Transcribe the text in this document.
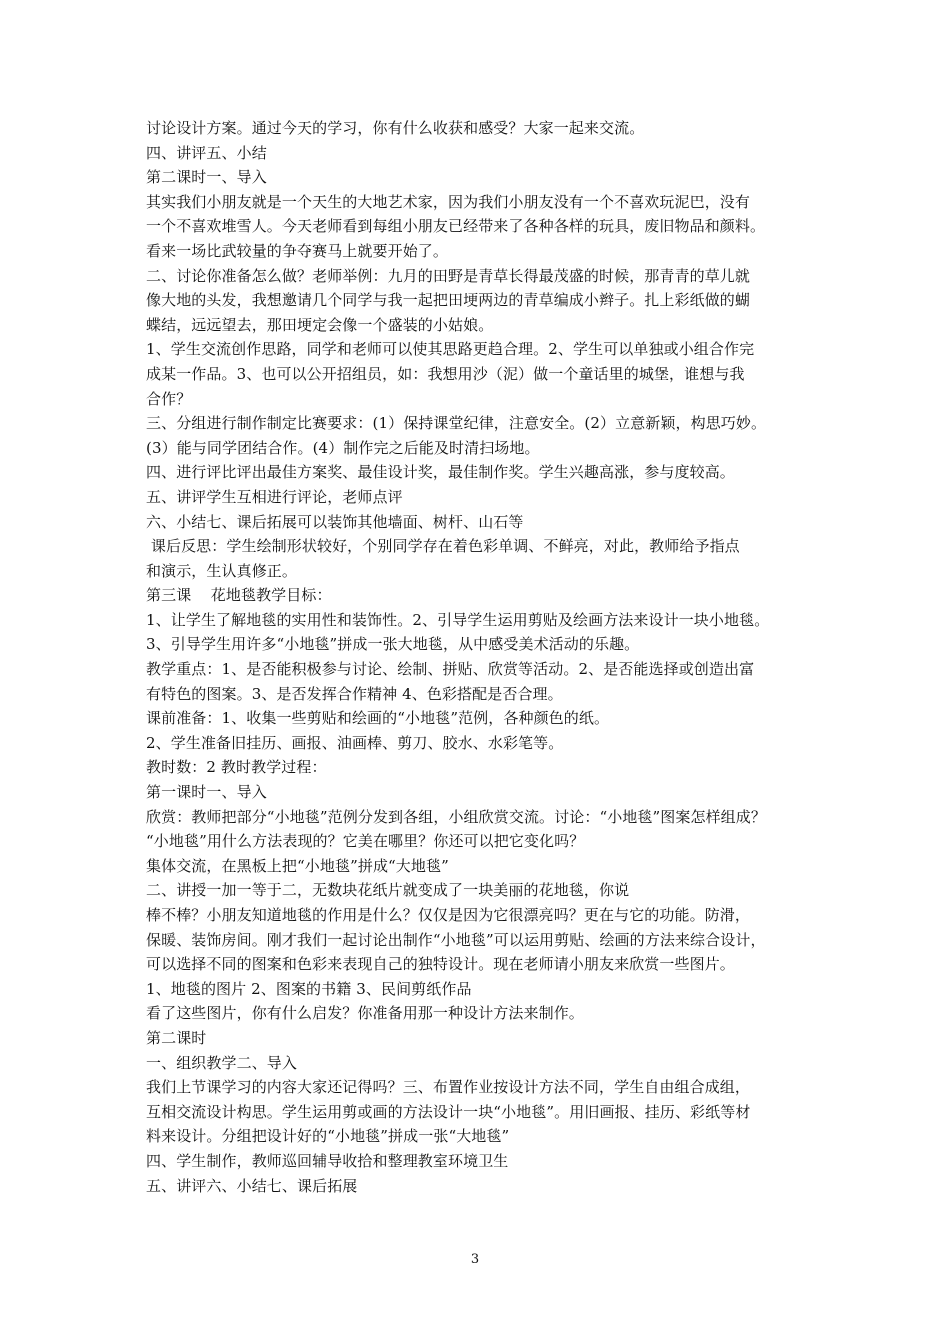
讨论设计方案。通过今天的学习，你有什么收获和感受？大家一起来交流。
四、讲评五、小结
第二课时一、导入
其实我们小朋友就是一个天生的大地艺术家，因为我们小朋友没有一个不喜欢玩泥巴，没有
一个不喜欢堆雪人。今天老师看到每组小朋友已经带来了各种各样的玩具，废旧物品和颜料。
看来一场比武较量的争夺赛马上就要开始了。
二、讨论你准备怎么做？老师举例：九月的田野是青草长得最茂盛的时候，那青青的草儿就
像大地的头发，我想邀请几个同学与我一起把田埂两边的青草编成小辫子。扎上彩纸做的蝴
蝶结，远远望去，那田埂定会像一个盛装的小姑娘。
1、学生交流创作思路，同学和老师可以使其思路更趋合理。2、学生可以单独或小组合作完
成某一作品。3、也可以公开招组员，如：我想用沙（泥）做一个童话里的城堡，谁想与我
合作？
三、分组进行制作制定比赛要求：(1）保持课堂纪律，注意安全。(2）立意新颖，构思巧妙。
(3）能与同学团结合作。(4）制作完之后能及时清扫场地。
四、进行评比评出最佳方案奖、最佳设计奖，最佳制作奖。学生兴趣高涨，参与度较高。
五、讲评学生互相进行评论，老师点评
六、小结七、课后拓展可以装饰其他墙面、树杆、山石等
课后反思：学生绘制形状较好，个别同学存在着色彩单调、不鲜亮，对此，教师给予指点
和演示，生认真修正。
第三课    花地毯教学目标：
1、让学生了解地毯的实用性和装饰性。2、引导学生运用剪贴及绘画方法来设计一块小地毯。
3、引导学生用许多“小地毯”拼成一张大地毯，从中感受美术活动的乐趣。
教学重点：1、是否能积极参与讨论、绘制、拼贴、欣赏等活动。2、是否能选择或创造出富
有特色的图案。3、是否发挥合作精神 4、色彩搭配是否合理。
课前准备：1、收集一些剪贴和绘画的“小地毯”范例，各种颜色的纸。
2、学生准备旧挂历、画报、油画棒、剪刀、胶水、水彩笔等。
教时数：2 教时教学过程：
第一课时一、导入
欣赏：教师把部分“小地毯”范例分发到各组，小组欣赏交流。讨论：“小地毯”图案怎样组成？
“小地毯”用什么方法表现的？它美在哪里？你还可以把它变化吗？
集体交流，在黑板上把“小地毯”拼成“大地毯”
二、讲授一加一等于二，无数块花纸片就变成了一块美丽的花地毯，你说
棒不棒？小朋友知道地毯的作用是什么？仅仅是因为它很漂亮吗？更在与它的功能。防滑，
保暖、装饰房间。刚才我们一起讨论出制作“小地毯”可以运用剪贴、绘画的方法来综合设计，
可以选择不同的图案和色彩来表现自己的独特设计。现在老师请小朋友来欣赏一些图片。
1、地毯的图片 2、图案的书籍 3、民间剪纸作品
看了这些图片，你有什么启发？你准备用那一种设计方法来制作。
第二课时
一、组织教学二、导入
我们上节课学习的内容大家还记得吗？三、布置作业按设计方法不同，学生自由组合成组，
互相交流设计构思。学生运用剪或画的方法设计一块“小地毯”。用旧画报、挂历、彩纸等材
料来设计。分组把设计好的“小地毯”拼成一张“大地毯”
四、学生制作，教师巡回辅导收拾和整理教室环境卫生
五、讲评六、小结七、课后拓展
3
